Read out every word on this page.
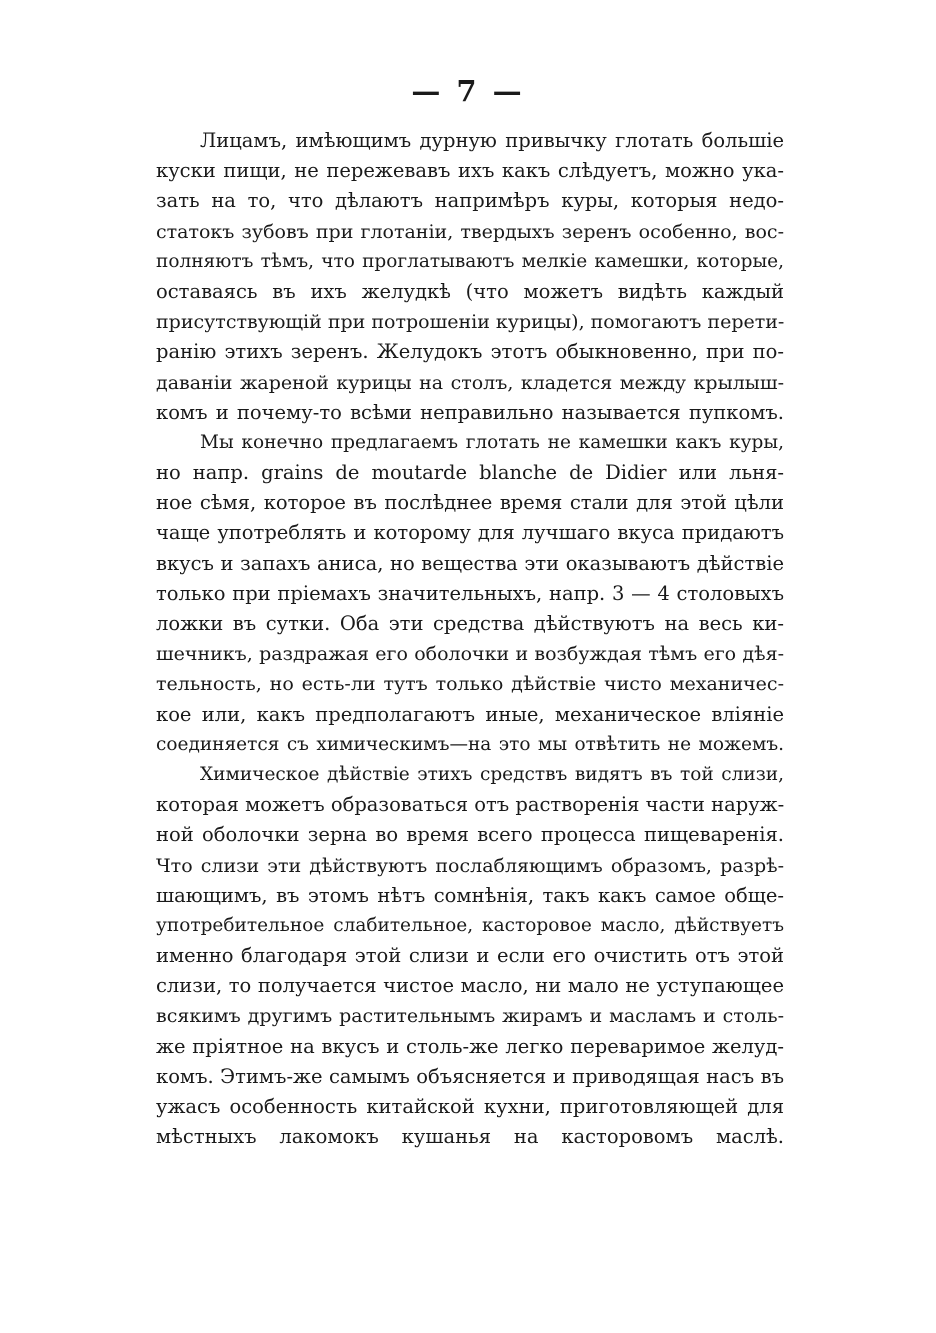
— 7 —
Лицамъ, имѣющимъ дурную привычку глотать большіе
куски пищи, не пережевавъ ихъ какъ слѣдуетъ, можно ука-
зать на то, что дѣлаютъ напримѣръ куры, которыя недо-
статокъ зубовъ при глотаніи, твердыхъ зеренъ особенно, вос-
полняютъ тѣмъ, что проглатываютъ мелкіе камешки, которые,
оставаясь въ ихъ желудкѣ (что можетъ видѣть каждый
присутствующій при потрошеніи курицы), помогаютъ перети-
ранію этихъ зеренъ. Желудокъ этотъ обыкновенно, при по-
даваніи жареной курицы на столъ, кладется между крылыш-
комъ и почему-то всѣми неправильно называется пупкомъ.
Мы конечно предлагаемъ глотать не камешки какъ куры,
но напр. grains de moutarde blanche de Didier или льня-
ное сѣмя, которое въ послѣднее время стали для этой цѣли
чаще употреблять и которому для лучшаго вкуса придаютъ
вкусъ и запахъ аниса, но вещества эти оказываютъ дѣйствіе
только при пріемахъ значительныхъ, напр. 3 — 4 столовыхъ
ложки въ сутки. Оба эти средства дѣйствуютъ на весь ки-
шечникъ, раздражая его оболочки и возбуждая тѣмъ его дѣя-
тельность, но есть-ли тутъ только дѣйствіе чисто механичес-
кое или, какъ предполагаютъ иные, механическое вліяніе
соединяется съ химическимъ—на это мы отвѣтить не можемъ.
Химическое дѣйствіе этихъ средствъ видятъ въ той слизи,
которая можетъ образоваться отъ растворенія части наруж-
ной оболочки зерна во время всего процесса пищеваренія.
Что слизи эти дѣйствуютъ послабляющимъ образомъ, разрѣ-
шающимъ, въ этомъ нѣтъ сомнѣнія, такъ какъ самое обще-
употребительное слабительное, касторовое масло, дѣйствуетъ
именно благодаря этой слизи и если его очистить отъ этой
слизи, то получается чистое масло, ни мало не уступающее
всякимъ другимъ растительнымъ жирамъ и масламъ и столь-
же пріятное на вкусъ и столь-же легко переваримое желуд-
комъ. Этимъ-же самымъ объясняется и приводящая насъ въ
ужасъ особенность китайской кухни, приготовляющей для
мѣстныхъ лакомокъ кушанья на касторовомъ маслѣ.
